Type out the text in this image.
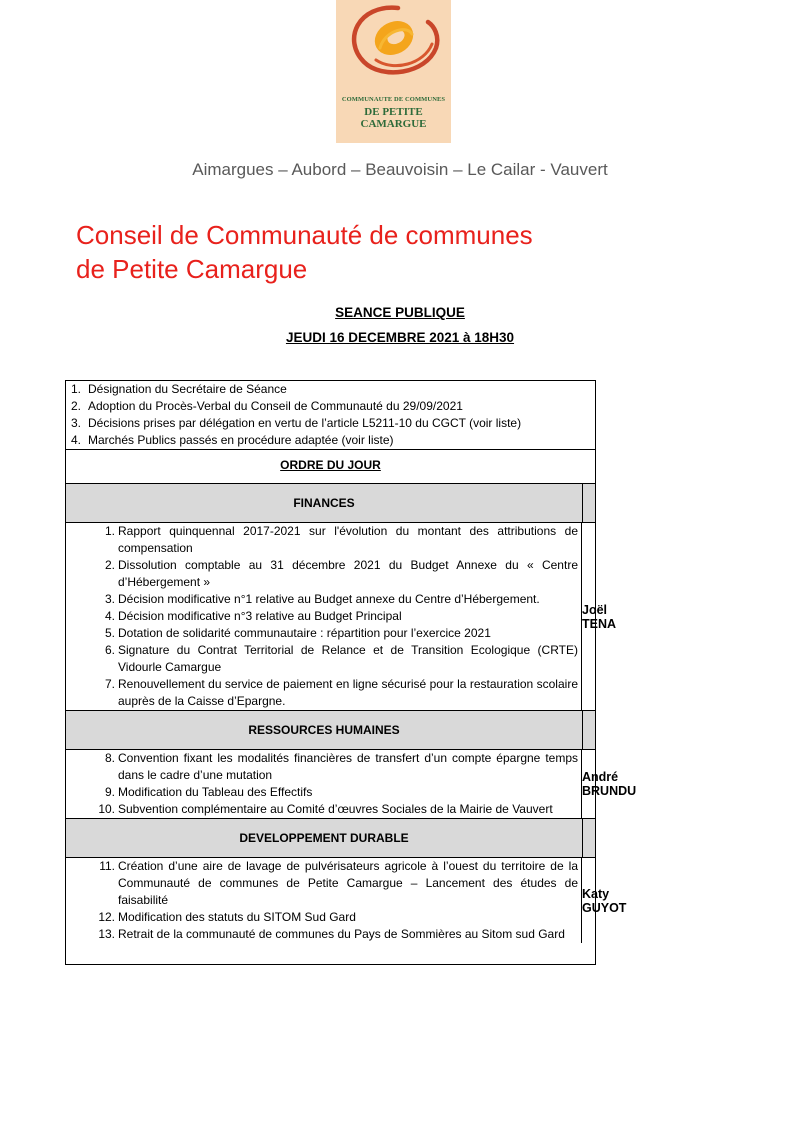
COMMUNAUTE DE COMMUNES
DE PETITE
CAMARGUE
Aimargues – Aubord – Beauvoisin – Le Cailar - Vauvert
Conseil de Communauté de communes
de Petite Camargue
SEANCE PUBLIQUE
JEUDI 16 DECEMBRE 2021 à 18H30
1. Désignation du Secrétaire de Séance
2. Adoption du Procès-Verbal du Conseil de Communauté du 29/09/2021
3. Décisions prises par délégation en vertu de l’article L5211-10 du CGCT (voir liste)
4. Marchés Publics passés en procédure adaptée (voir liste)
ORDRE DU JOUR
FINANCES
1. Rapport quinquennal 2017-2021 sur l'évolution du montant des attributions de compensation
2. Dissolution comptable au 31 décembre 2021 du Budget Annexe du « Centre d’Hébergement »
3. Décision modificative n°1 relative au Budget annexe du Centre d’Hébergement.
4. Décision modificative n°3 relative au Budget Principal
5. Dotation de solidarité communautaire : répartition pour l’exercice 2021
6. Signature du Contrat Territorial de Relance et de Transition Ecologique (CRTE) Vidourle Camargue
7. Renouvellement du service de paiement en ligne sécurisé pour la restauration scolaire auprès de la Caisse d’Epargne.
Joël TENA
RESSOURCES HUMAINES
8. Convention fixant les modalités financières de transfert d’un compte épargne temps dans le cadre d’une mutation
9. Modification du Tableau des Effectifs
10. Subvention complémentaire au Comité d’œuvres Sociales de la Mairie de Vauvert
André BRUNDU
DEVELOPPEMENT DURABLE
11. Création d’une aire de lavage de pulvérisateurs agricole à l’ouest du territoire de la Communauté de communes de Petite Camargue – Lancement des études de faisabilité
12. Modification des statuts du SITOM Sud Gard
13. Retrait de la communauté de communes du Pays de Sommières au Sitom sud Gard
Katy GUYOT
